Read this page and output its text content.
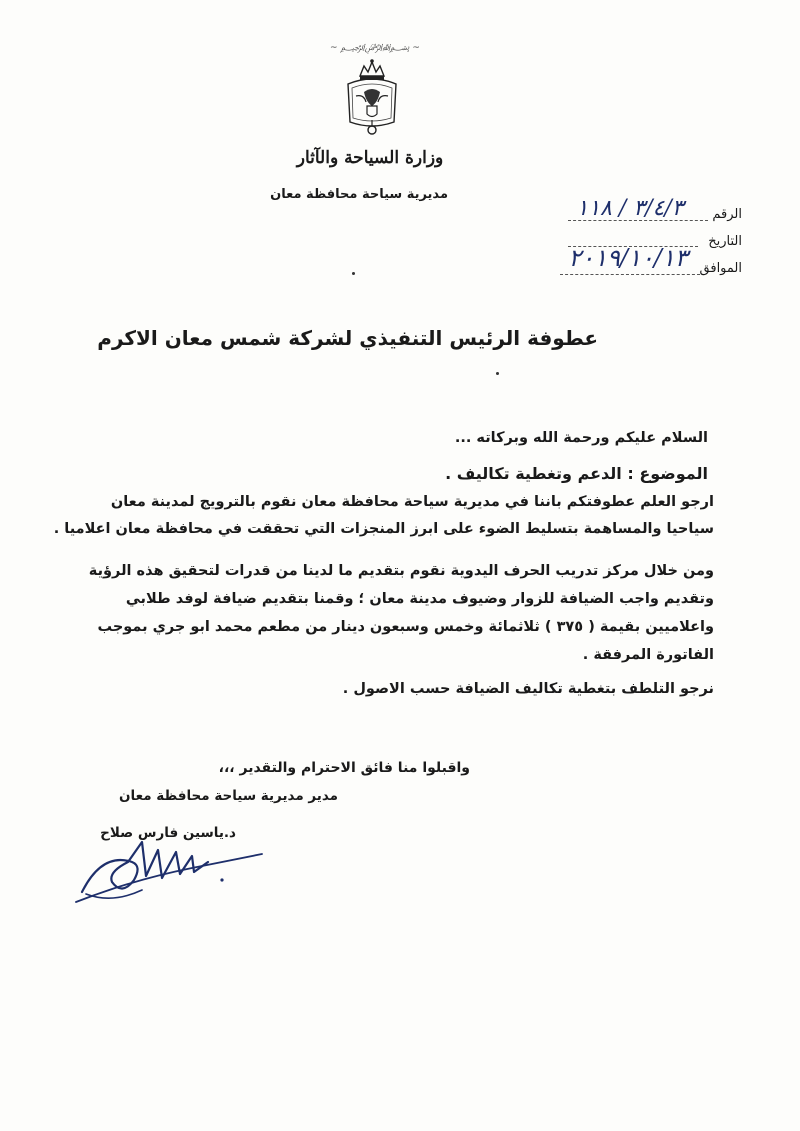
~ ﷽ ~
وزارة السياحة والآثار
مديرية سياحة محافظة معان
الرقم
٣/٤/٣ / ١١٨
التاريخ
الموافق
٢٠١٩/١٠/١٣
عطوفة الرئيس التنفيذي لشركة شمس معان الاكرم
السلام عليكم ورحمة الله وبركاته ...
الموضوع : الدعم وتغطية تكاليف .
ارجو العلم عطوفتكم باننا في مديرية سياحة محافظة معان نقوم بالترويج لمدينة معان
سياحيا والمساهمة بتسليط الضوء على ابرز المنجزات التي تحققت في محافظة معان اعلاميا .
ومن خلال مركز تدريب الحرف اليدوية نقوم بتقديم ما لدينا من قدرات لتحقيق هذه الرؤية
وتقديم واجب الضيافة للزوار وضيوف مدينة معان ؛ وقمنا بتقديم ضيافة لوفد طلابي
واعلاميين بقيمة ( ٣٧٥ ) ثلاثمائة وخمس وسبعون دينار من مطعم محمد ابو جري بموجب
الفاتورة المرفقة .
نرجو التلطف بتغطية تكاليف الضيافة حسب الاصول .
واقبلوا منا فائق الاحترام والتقدير ،،،
مدير مديرية سياحة محافظة معان
د.ياسين فارس صلاح
